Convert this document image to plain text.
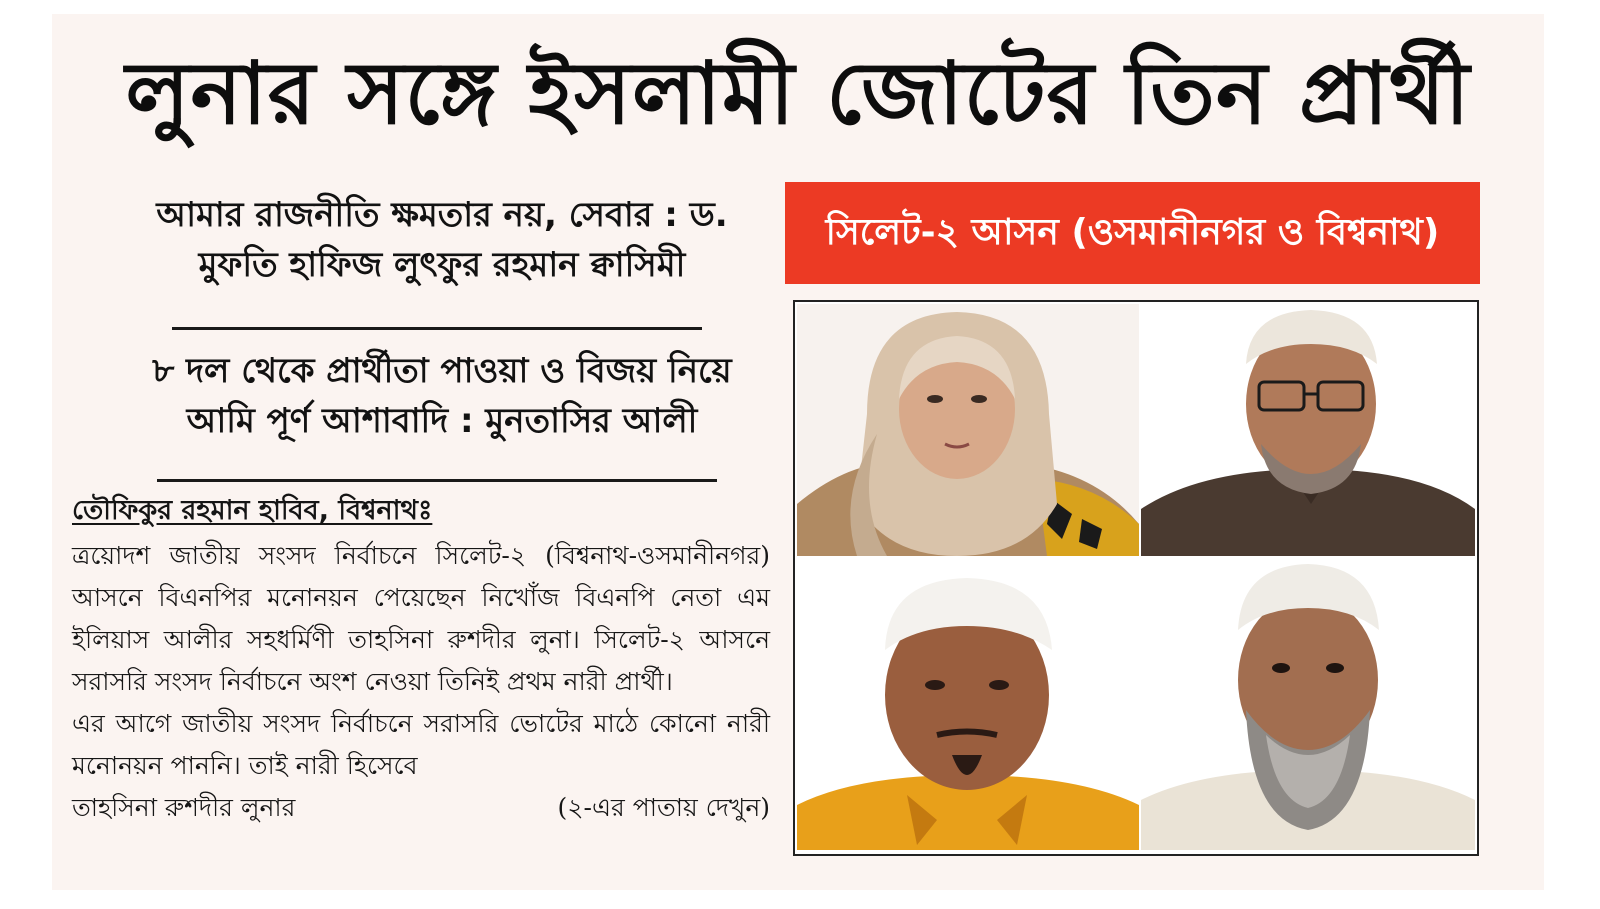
লুনার সঙ্গে ইসলামী জোটের তিন প্রার্থী
আমার রাজনীতি ক্ষমতার নয়, সেবার : ড.
মুফতি হাফিজ লুৎফুর রহমান ক্বাসিমী
৮ দল থেকে প্রার্থীতা পাওয়া ও বিজয় নিয়ে
আমি পূর্ণ আশাবাদি : মুনতাসির আলী
তৌফিকুর রহমান হাবিব, বিশ্বনাথঃ

ত্রয়োদশ জাতীয় সংসদ নির্বাচনে সিলেট-২ (বিশ্বনাথ-ওসমানীনগর) আসনে বিএনপির মনোনয়ন পেয়েছেন নিখোঁজ বিএনপি নেতা এম ইলিয়াস আলীর সহধর্মিণী তাহসিনা রুশদীর লুনা। সিলেট-২ আসনে সরাসরি সংসদ নির্বাচনে অংশ নেওয়া তিনিই প্রথম নারী প্রার্থী।

এর আগে জাতীয় সংসদ নির্বাচনে সরাসরি ভোটের মাঠে কোনো নারী মনোনয়ন পাননি। তাই নারী হিসেবে

তাহসিনা রুশদীর লুনার	(২-এর পাতায় দেখুন)
সিলেট-২ আসন (ওসমানীনগর ও বিশ্বনাথ)
